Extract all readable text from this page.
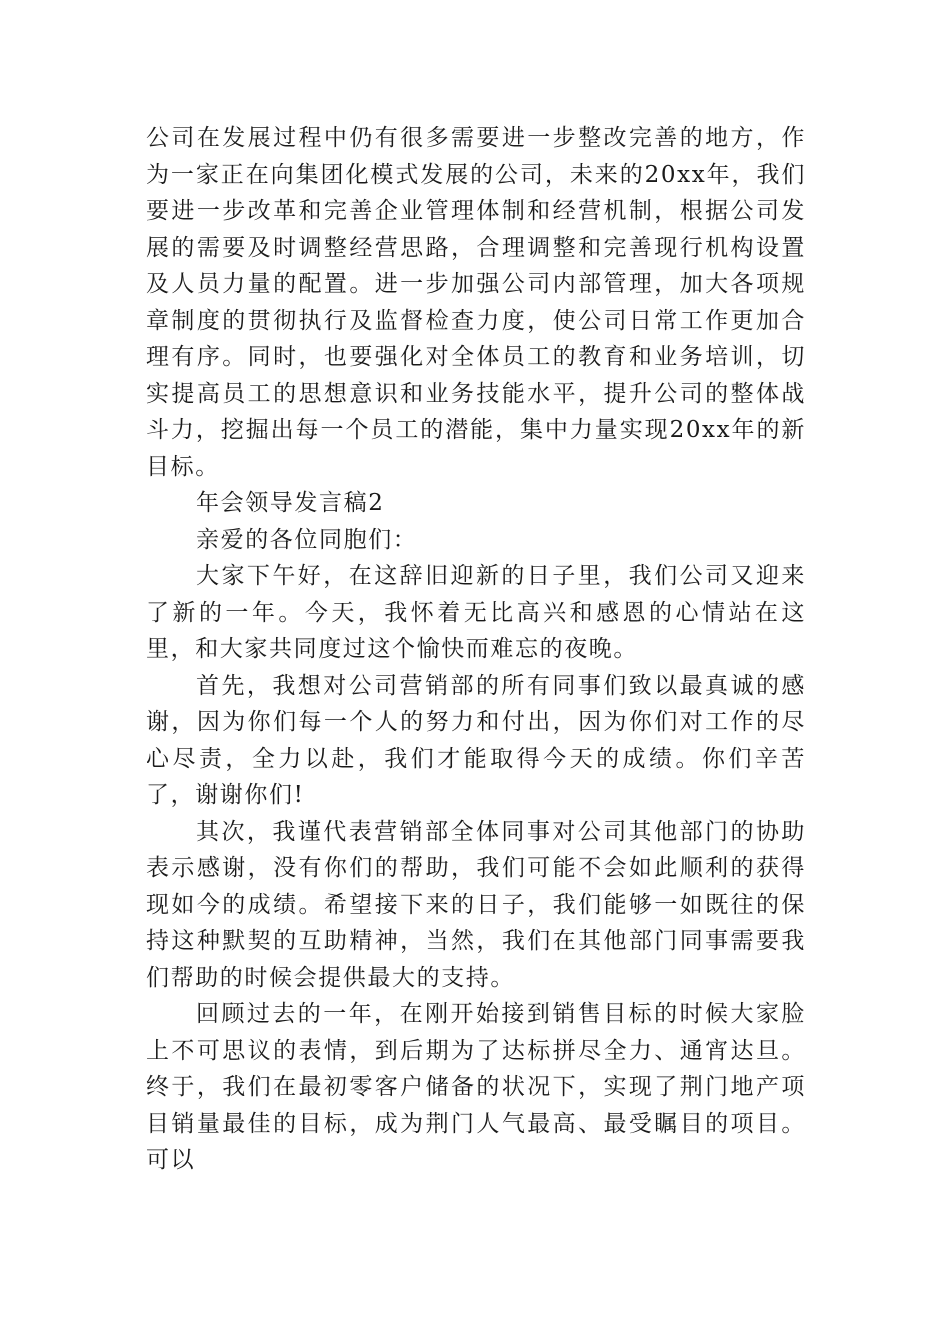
公司在发展过程中仍有很多需要进一步整改完善的地方，作为一家正在向集团化模式发展的公司，未来的20xx年，我们要进一步改革和完善企业管理体制和经营机制，根据公司发展的需要及时调整经营思路，合理调整和完善现行机构设置及人员力量的配置。进一步加强公司内部管理，加大各项规章制度的贯彻执行及监督检查力度，使公司日常工作更加合理有序。同时，也要强化对全体员工的教育和业务培训，切实提高员工的思想意识和业务技能水平，提升公司的整体战斗力，挖掘出每一个员工的潜能，集中力量实现20xx年的新目标。

年会领导发言稿2

亲爱的各位同胞们：

大家下午好，在这辞旧迎新的日子里，我们公司又迎来了新的一年。今天，我怀着无比高兴和感恩的心情站在这里，和大家共同度过这个愉快而难忘的夜晚。

首先，我想对公司营销部的所有同事们致以最真诚的感谢，因为你们每一个人的努力和付出，因为你们对工作的尽心尽责，全力以赴，我们才能取得今天的成绩。你们辛苦了，谢谢你们!

其次，我谨代表营销部全体同事对公司其他部门的协助表示感谢，没有你们的帮助，我们可能不会如此顺利的获得现如今的成绩。希望接下来的日子，我们能够一如既往的保持这种默契的互助精神，当然，我们在其他部门同事需要我们帮助的时候会提供最大的支持。

回顾过去的一年，在刚开始接到销售目标的时候大家脸上不可思议的表情，到后期为了达标拼尽全力、通宵达旦。终于，我们在最初零客户储备的状况下，实现了荆门地产项目销量最佳的目标，成为荆门人气最高、最受瞩目的项目。可以
